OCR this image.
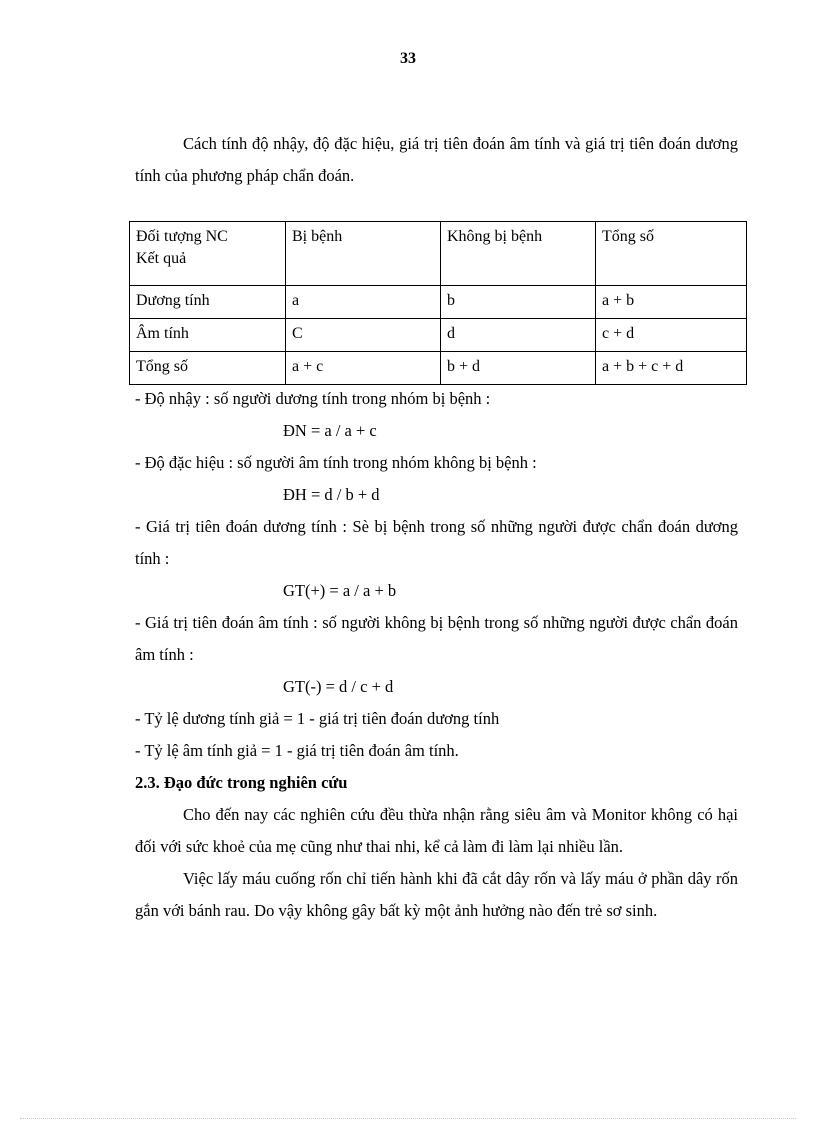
33

Cách tính độ nhậy, độ đặc hiệu, giá trị tiên đoán âm tính và giá trị tiên đoán dương tính của phương pháp chẩn đoán.

Đối tượng NC
Kết quả	Bị bệnh	Không bị bệnh	Tổng số
Dương tính	a	b	a + b
Âm tính	C	d	c + d
Tổng số	a + c	b + d	a + b + c + d

- Độ nhậy : số người dương tính trong nhóm bị bệnh :

ĐN = a / a + c

- Độ đặc hiệu : số người âm tính trong nhóm không bị bệnh :

ĐH = d / b + d

- Giá trị tiên đoán dương tính : Sè bị bệnh trong số những người được chẩn đoán dương tính :

GT(+) = a / a + b

- Giá trị tiên đoán âm tính : số người không bị bệnh trong số những người được chẩn đoán âm tính :

GT(-) = d / c + d

- Tỷ lệ dương tính giả = 1 - giá trị tiên đoán dương tính

- Tỷ lệ âm tính giả = 1 - giá trị tiên đoán âm tính.

2.3. Đạo đức trong nghiên cứu

Cho đến nay các nghiên cứu đều thừa nhận rằng siêu âm và Monitor không có hại đối với sức khoẻ của mẹ cũng như thai nhi, kể cả làm đi làm lại nhiều lần.

Việc lấy máu cuống rốn chỉ tiến hành khi đã cắt dây rốn và lấy máu ở phần dây rốn gắn với bánh rau. Do vậy không gây bất kỳ một ảnh hưởng nào đến trẻ sơ sinh.
